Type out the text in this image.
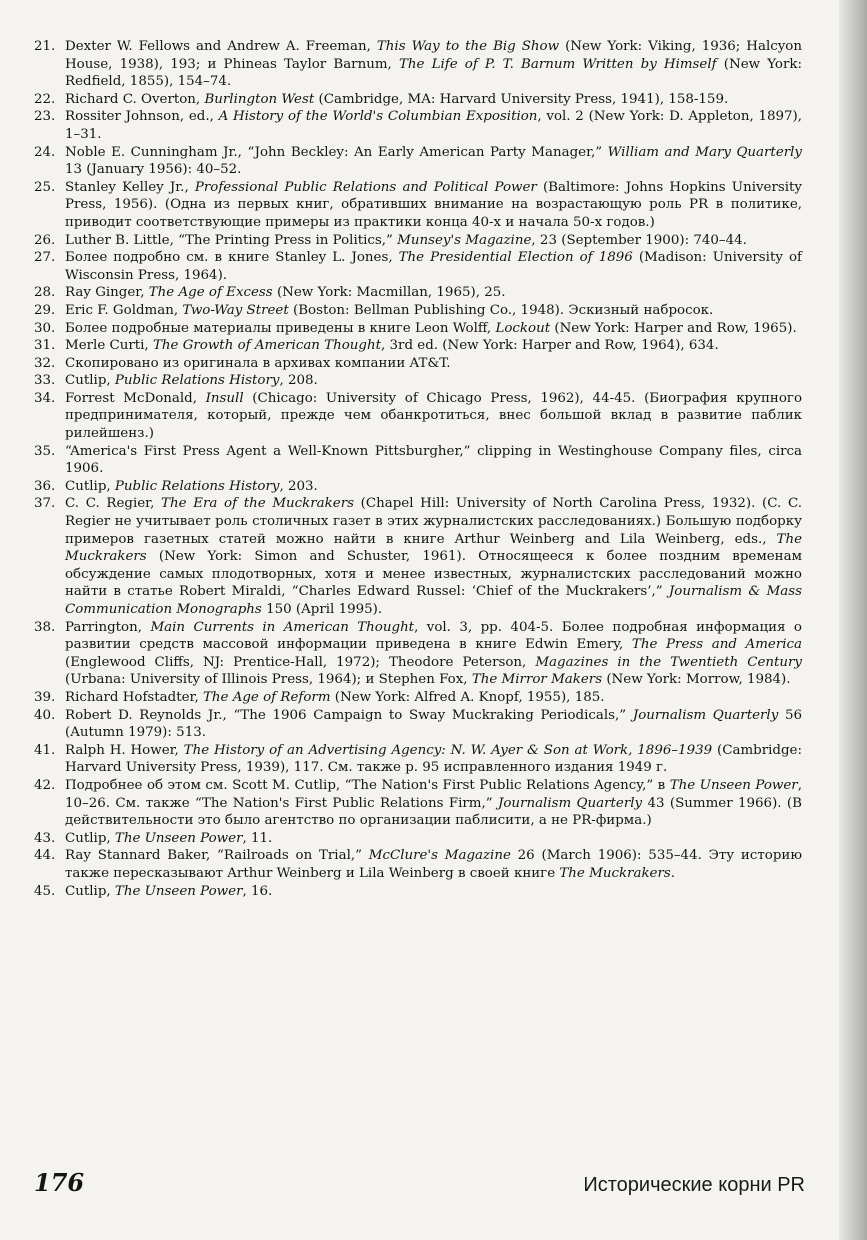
21. Dexter W. Fellows and Andrew A. Freeman, This Way to the Big Show (New York: Viking, 1936; Halcyon House, 1938), 193; и Phineas Taylor Barnum, The Life of P. T. Barnum Written by Himself (New York: Redfield, 1855), 154–74.
22. Richard C. Overton, Burlington West (Cambridge, MA: Harvard University Press, 1941), 158-159.
23. Rossiter Johnson, ed., A History of the World's Columbian Exposition, vol. 2 (New York: D. Appleton, 1897), 1–31.
24. Noble E. Cunningham Jr., “John Beckley: An Early American Party Manager,” William and Mary Quarterly 13 (January 1956): 40–52.
25. Stanley Kelley Jr., Professional Public Relations and Political Power (Baltimore: Johns Hopkins University Press, 1956). (Одна из первых книг, обративших внимание на возрастающую роль PR в политике, приводит соответствующие примеры из практики конца 40-х и начала 50-х годов.)
26. Luther B. Little, “The Printing Press in Politics,” Munsey's Magazine, 23 (September 1900): 740–44.
27. Более подробно см. в книге Stanley L. Jones, The Presidential Election of 1896 (Madison: University of Wisconsin Press, 1964).
28. Ray Ginger, The Age of Excess (New York: Macmillan, 1965), 25.
29. Eric F. Goldman, Two-Way Street (Boston: Bellman Publishing Co., 1948). Эскизный набросок.
30. Более подробные материалы приведены в книге Leon Wolff, Lockout (New York: Harper and Row, 1965).
31. Merle Curti, The Growth of American Thought, 3rd ed. (New York: Harper and Row, 1964), 634.
32. Скопировано из оригинала в архивах компании AT&T.
33. Cutlip, Public Relations History, 208.
34. Forrest McDonald, Insull (Chicago: University of Chicago Press, 1962), 44-45. (Биография крупного предпринимателя, который, прежде чем обанкротиться, внес большой вклад в развитие паблик рилейшенз.)
35. “America's First Press Agent a Well-Known Pittsburgher,” clipping in Westinghouse Company files, circa 1906.
36. Cutlip, Public Relations History, 203.
37. C. C. Regier, The Era of the Muckrakers (Chapel Hill: University of North Carolina Press, 1932). (C. C. Regier не учитывает роль столичных газет в этих журналистских расследованиях.) Большую подборку примеров газетных статей можно найти в книге Arthur Weinberg and Lila Weinberg, eds., The Muckrakers (New York: Simon and Schuster, 1961). Относящееся к более поздним временам обсуждение самых плодотворных, хотя и менее известных, журналистских расследований можно найти в статье Robert Miraldi, “Charles Edward Russel: ‘Chief of the Muckrakers’,” Journalism & Mass Communication Monographs 150 (April 1995).
38. Parrington, Main Currents in American Thought, vol. 3, pp. 404-5. Более подробная информация о развитии средств массовой информации приведена в книге Edwin Emery, The Press and America (Englewood Cliffs, NJ: Prentice-Hall, 1972); Theodore Peterson, Magazines in the Twentieth Century (Urbana: University of Illinois Press, 1964); и Stephen Fox, The Mirror Makers (New York: Morrow, 1984).
39. Richard Hofstadter, The Age of Reform (New York: Alfred A. Knopf, 1955), 185.
40. Robert D. Reynolds Jr., “The 1906 Campaign to Sway Muckraking Periodicals,” Journalism Quarterly 56 (Autumn 1979): 513.
41. Ralph H. Hower, The History of an Advertising Agency: N. W. Ayer & Son at Work, 1896–1939 (Cambridge: Harvard University Press, 1939), 117. См. также p. 95 исправленного издания 1949 г.
42. Подробнее об этом см. Scott M. Cutlip, “The Nation's First Public Relations Agency,” в The Unseen Power, 10–26. См. также “The Nation's First Public Relations Firm,” Journalism Quarterly 43 (Summer 1966). (В действительности это было агентство по организации паблисити, а не PR-фирма.)
43. Cutlip, The Unseen Power, 11.
44. Ray Stannard Baker, “Railroads on Trial,” McClure's Magazine 26 (March 1906): 535–44. Эту историю также пересказывают Arthur Weinberg и Lila Weinberg в своей книге The Muckrakers.
45. Cutlip, The Unseen Power, 16.
176	Исторические корни PR
